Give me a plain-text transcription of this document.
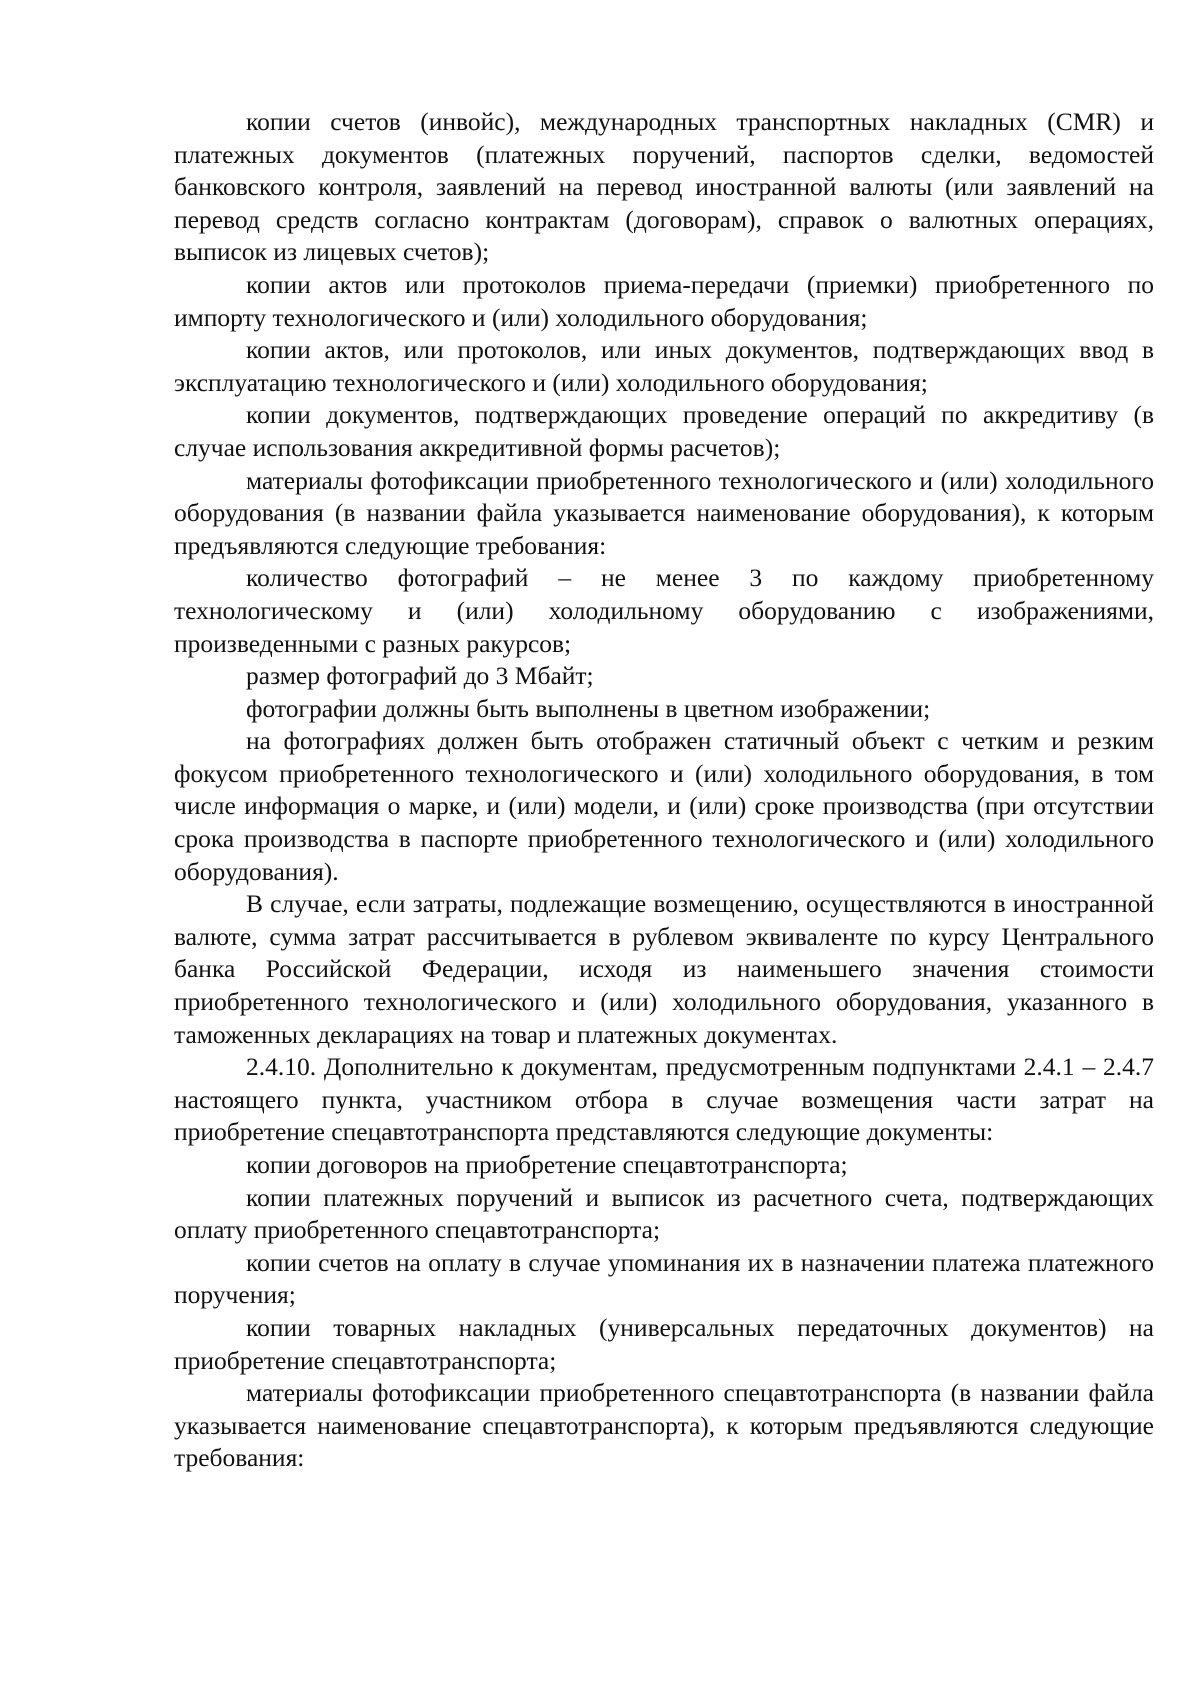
копии счетов (инвойс), международных транспортных накладных (CMR) и платежных документов (платежных поручений, паспортов сделки, ведомостей банковского контроля, заявлений на перевод иностранной валюты (или заявлений на перевод средств согласно контрактам (договорам), справок о валютных операциях, выписок из лицевых счетов);

копии актов или протоколов приема-передачи (приемки) приобретенного по импорту технологического и (или) холодильного оборудования;

копии актов, или протоколов, или иных документов, подтверждающих ввод в эксплуатацию технологического и (или) холодильного оборудования;

копии документов, подтверждающих проведение операций по аккредитиву (в случае использования аккредитивной формы расчетов);

материалы фотофиксации приобретенного технологического и (или) холодильного оборудования (в названии файла указывается наименование оборудования), к которым предъявляются следующие требования:

количество фотографий – не менее 3 по каждому приобретенному технологическому и (или) холодильному оборудованию с изображениями, произведенными с разных ракурсов;

размер фотографий до 3 Мбайт;

фотографии должны быть выполнены в цветном изображении;

на фотографиях должен быть отображен статичный объект с четким и резким фокусом приобретенного технологического и (или) холодильного оборудования, в том числе информация о марке, и (или) модели, и (или) сроке производства (при отсутствии срока производства в паспорте приобретенного технологического и (или) холодильного оборудования).

В случае, если затраты, подлежащие возмещению, осуществляются в иностранной валюте, сумма затрат рассчитывается в рублевом эквиваленте по курсу Центрального банка Российской Федерации, исходя из наименьшего значения стоимости приобретенного технологического и (или) холодильного оборудования, указанного в таможенных декларациях на товар и платежных документах.

2.4.10. Дополнительно к документам, предусмотренным подпунктами 2.4.1 – 2.4.7 настоящего пункта, участником отбора в случае возмещения части затрат на приобретение спецавтотранспорта представляются следующие документы:

копии договоров на приобретение спецавтотранспорта;

копии платежных поручений и выписок из расчетного счета, подтверждающих оплату приобретенного спецавтотранспорта;

копии счетов на оплату в случае упоминания их в назначении платежа платежного поручения;

копии товарных накладных (универсальных передаточных документов) на приобретение спецавтотранспорта;

материалы фотофиксации приобретенного спецавтотранспорта (в названии файла указывается наименование спецавтотранспорта), к которым предъявляются следующие требования:
